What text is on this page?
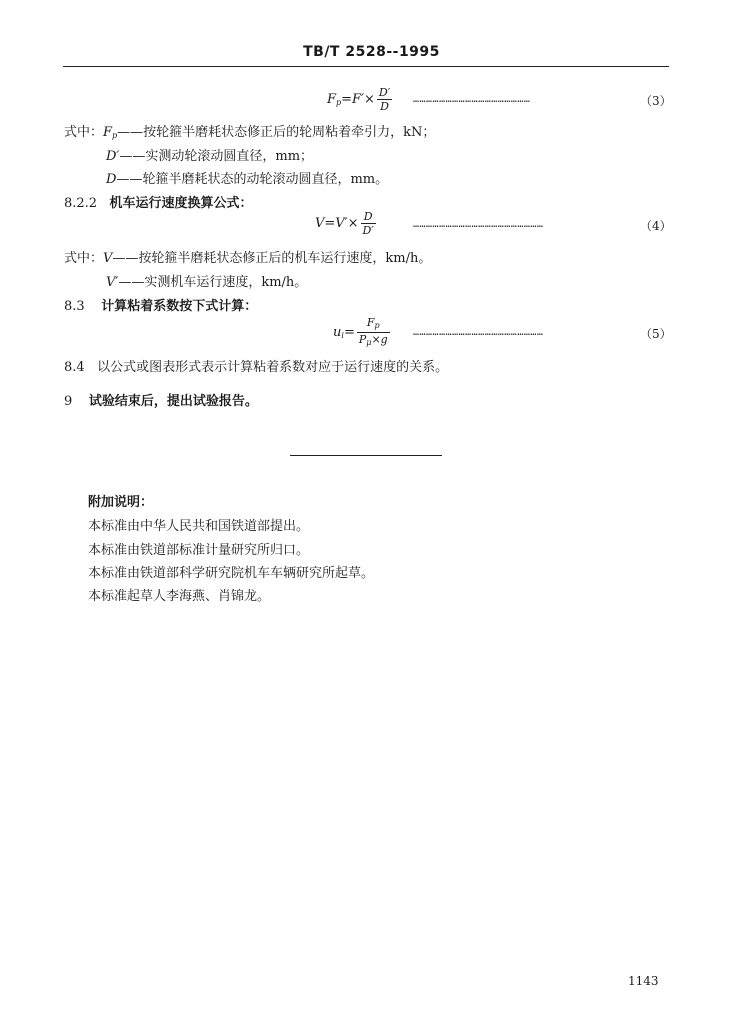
TB/T 2528--1995
$F_p=F'\times \frac{D'}{D}$ ………………………………………………	（3）
式中：$F_p——$按轮箍半磨耗状态修正后的轮周粘着牵引力，kN；
D′——实测动轮滚动圆直径，mm；
D——轮箍半磨耗状态的动轮滚动圆直径，mm。
8.2.2 机车运行速度换算公式：
$V=V'\times \frac{D}{D'}$	……………………………………………………	（4）
式中：V——按轮箍半磨耗状态修正后的机车运行速度，km/h。
V′——实测机车运行速度，km/h。
8.3 计算粘着系数按下式计算：
$u_i= \frac{F_p}{P_\mu\times g}$ ……………………………………………………	（5）
8.4 以公式或图表形式表示计算粘着系数对应于运行速度的关系。
9 试验结束后，提出试验报告。
附加说明：
本标准由中华人民共和国铁道部提出。
本标准由铁道部标准计量研究所归口。
本标准由铁道部科学研究院机车车辆研究所起草。
本标准起草人李海燕、肖锦龙。
1143
